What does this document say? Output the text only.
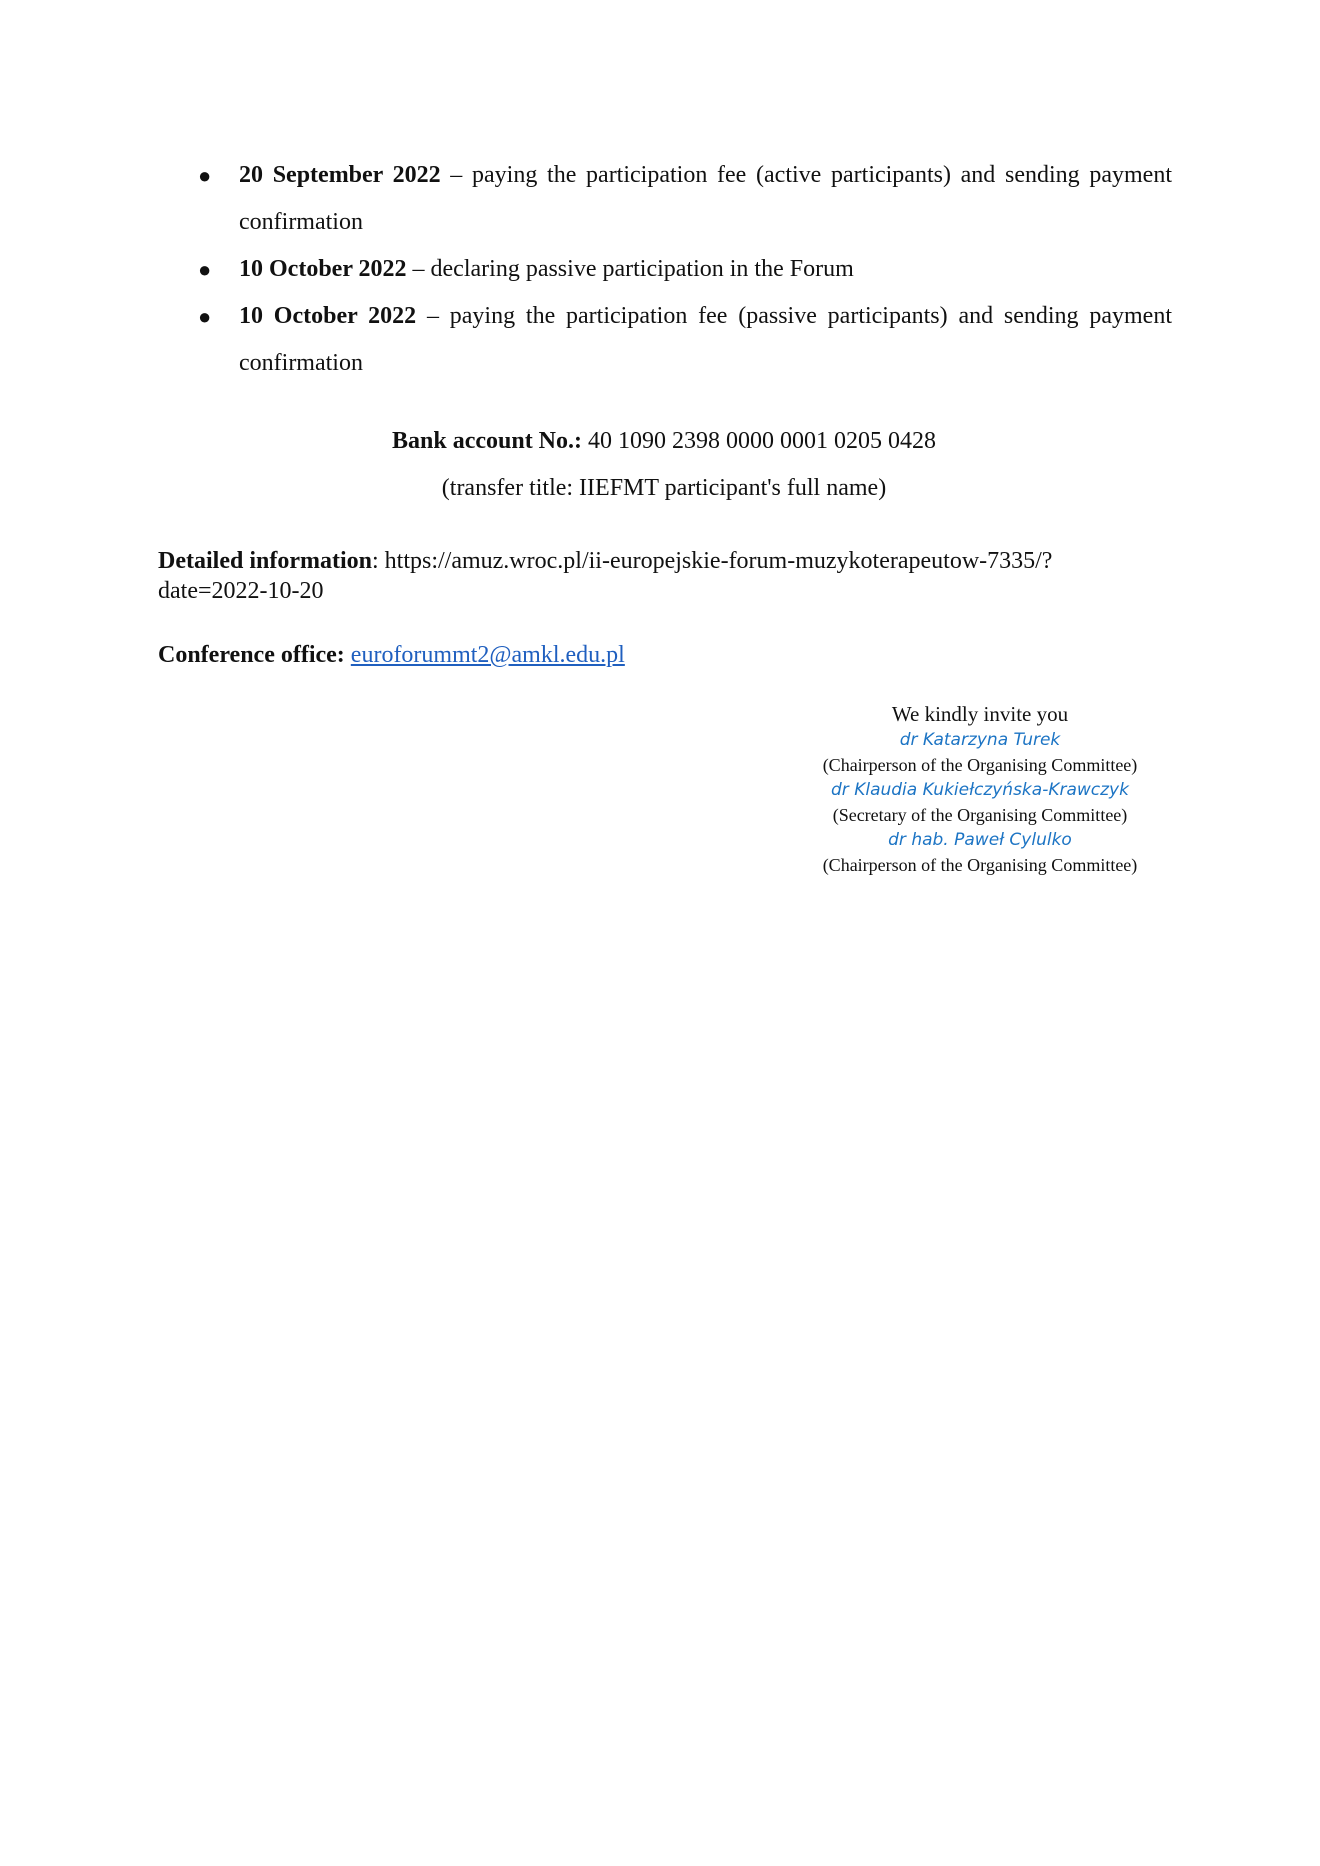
● 20 September 2022 – paying the participation fee (active participants) and sending payment confirmation
● 10 October 2022 – declaring passive participation in the Forum
● 10 October 2022 – paying the participation fee (passive participants) and sending payment confirmation
Bank account No.: 40 1090 2398 0000 0001 0205 0428
(transfer title: IIEFMT participant's full name)
Detailed information: https://amuz.wroc.pl/ii-europejskie-forum-muzykoterapeutow-7335/?date=2022-10-20
Conference office: euroforummt2@amkl.edu.pl
We kindly invite you
dr Katarzyna Turek
(Chairperson of the Organising Committee)
dr Klaudia Kukiełczyńska-Krawczyk
(Secretary of the Organising Committee)
dr hab. Paweł Cylulko
(Chairperson of the Organising Committee)
